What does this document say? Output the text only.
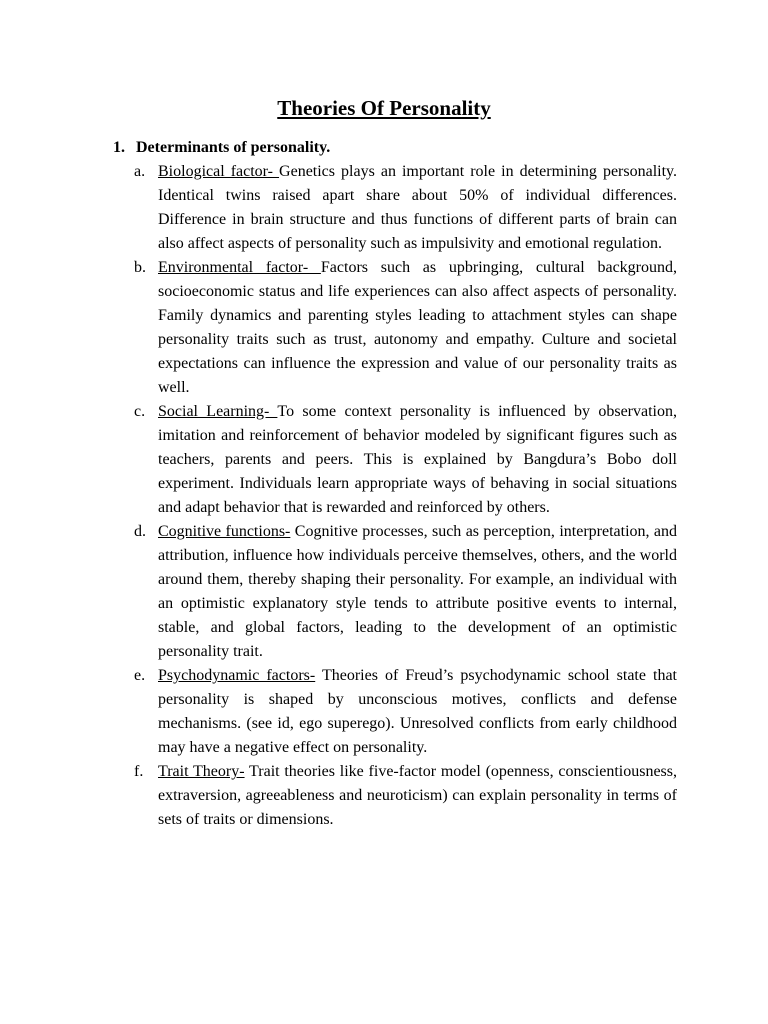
Theories Of Personality

1. Determinants of personality.

a. Biological factor- Genetics plays an important role in determining personality. Identical twins raised apart share about 50% of individual differences. Difference in brain structure and thus functions of different parts of brain can also affect aspects of personality such as impulsivity and emotional regulation.
b. Environmental factor- Factors such as upbringing, cultural background, socioeconomic status and life experiences can also affect aspects of personality. Family dynamics and parenting styles leading to attachment styles can shape personality traits such as trust, autonomy and empathy. Culture and societal expectations can influence the expression and value of our personality traits as well.
c. Social Learning- To some context personality is influenced by observation, imitation and reinforcement of behavior modeled by significant figures such as teachers, parents and peers. This is explained by Bangdura’s Bobo doll experiment. Individuals learn appropriate ways of behaving in social situations and adapt behavior that is rewarded and reinforced by others.
d. Cognitive functions- Cognitive processes, such as perception, interpretation, and attribution, influence how individuals perceive themselves, others, and the world around them, thereby shaping their personality. For example, an individual with an optimistic explanatory style tends to attribute positive events to internal, stable, and global factors, leading to the development of an optimistic personality trait.
e. Psychodynamic factors- Theories of Freud’s psychodynamic school state that personality is shaped by unconscious motives, conflicts and defense mechanisms. (see id, ego superego). Unresolved conflicts from early childhood may have a negative effect on personality.
f. Trait Theory- Trait theories like five-factor model (openness, conscientiousness, extraversion, agreeableness and neuroticism) can explain personality in terms of sets of traits or dimensions.
